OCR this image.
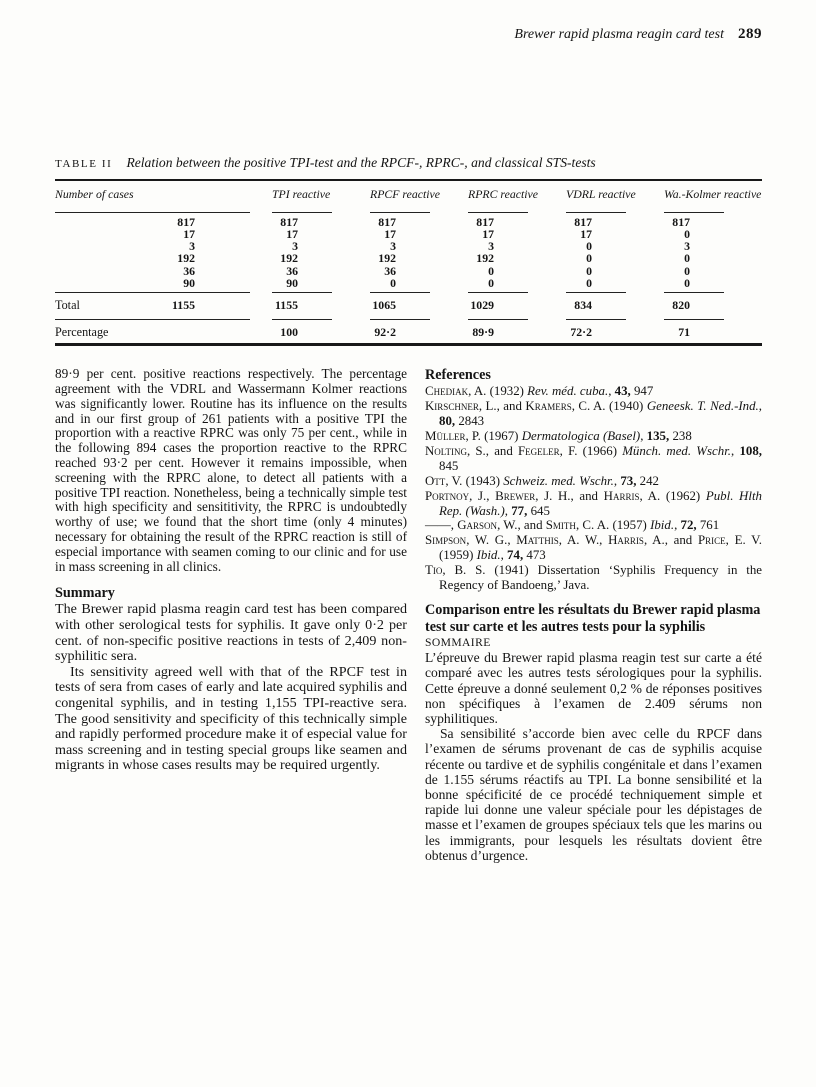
Brewer rapid plasma reagin card test 289
TABLE II Relation between the positive TPI-test and the RPCF-, RPRC-, and classical STS-tests
Number of cases	TPI reactive	RPCF reactive	RPRC reactive	VDRL reactive	Wa.-Kolmer reactive

817	817	817	817	817	817

17	17	17	17	17	0

3	3	3	3	0	3

192	192	192	192	0	0

36	36	36	0	0	0

90	90	0	0	0	0

Total 1155	1155	1065	1029	834	820

Percentage	100	92·2	89·9	72·2	71

89·9 per cent. positive reactions respectively. The percentage agreement with the VDRL and Wassermann Kolmer reactions was significantly lower. Routine has its influence on the results and in our first group of 261 patients with a positive TPI the proportion with a reactive RPRC was only 75 per cent., while in the following 894 cases the proportion reactive to the RPRC reached 93·2 per cent. However it remains impossible, when screening with the RPRC alone, to detect all patients with a positive TPI reaction. Nonetheless, being a technically simple test with high specificity and sensititivity, the RPRC is undoubtedly worthy of use; we found that the short time (only 4 minutes) necessary for obtaining the result of the RPRC reaction is still of especial importance with seamen coming to our clinic and for use in mass screening in all clinics.

Summary

The Brewer rapid plasma reagin card test has been compared with other serological tests for syphilis. It gave only 0·2 per cent. of non-specific positive reactions in tests of 2,409 non-syphilitic sera.

Its sensitivity agreed well with that of the RPCF test in tests of sera from cases of early and late acquired syphilis and congenital syphilis, and in testing 1,155 TPI-reactive sera. The good sensitivity and specificity of this technically simple and rapidly performed procedure make it of especial value for mass screening and in testing special groups like seamen and migrants in whose cases results may be required urgently.

References
Chediak, A. (1932) Rev. méd. cuba., 43, 947
Kirschner, L., and Kramers, C. A. (1940) Geneesk. T. Ned.-Ind., 80, 2843
Müller, P. (1967) Dermatologica (Basel), 135, 238
Nolting, S., and Fegeler, F. (1966) Münch. med. Wschr., 108, 845
Ott, V. (1943) Schweiz. med. Wschr., 73, 242
Portnoy, J., Brewer, J. H., and Harris, A. (1962) Publ. Hlth Rep. (Wash.), 77, 645
——, Garson, W., and Smith, C. A. (1957) Ibid., 72, 761
Simpson, W. G., Matthis, A. W., Harris, A., and Price, E. V. (1959) Ibid., 74, 473
Tio, B. S. (1941) Dissertation ‘Syphilis Frequency in the Regency of Bandoeng,’ Java.
Comparison entre les résultats du Brewer rapid plasma test sur carte et les autres tests pour la syphilis
SOMMAIRE

L’épreuve du Brewer rapid plasma reagin test sur carte a été comparé avec les autres tests sérologiques pour la syphilis. Cette épreuve a donné seulement 0,2 % de réponses positives non spécifiques à l’examen de 2.409 sérums non syphilitiques.

Sa sensibilité s’accorde bien avec celle du RPCF dans l’examen de sérums provenant de cas de syphilis acquise récente ou tardive et de syphilis congénitale et dans l’examen de 1.155 sérums réactifs au TPI. La bonne sensibilité et la bonne spécificité de ce procédé techniquement simple et rapide lui donne une valeur spéciale pour les dépistages de masse et l’examen de groupes spéciaux tels que les marins ou les immigrants, pour lesquels les résultats dovient être obtenus d’urgence.
